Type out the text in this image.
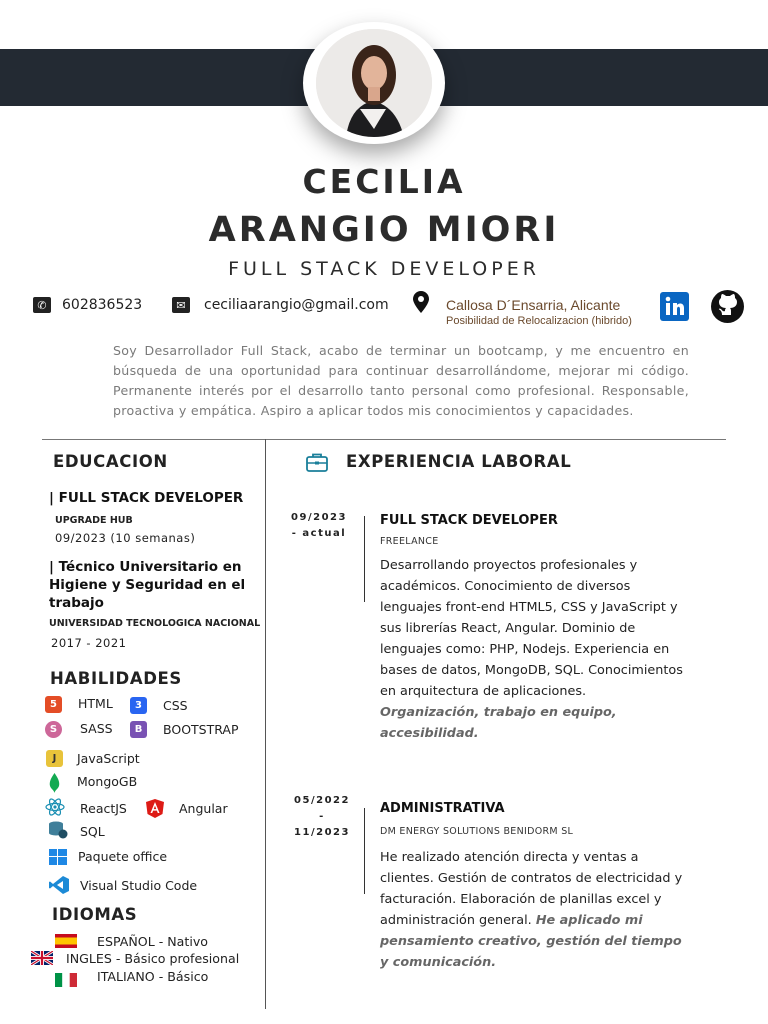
CECILIA
ARANGIO MIORI
FULL STACK DEVELOPER
✆	602836523	✉	ceciliaarangio@gmail.com	Callosa D´Ensarria, Alicante
Posibilidad de Relocalizacion (hibrido)
Soy Desarrollador Full Stack, acabo de terminar un bootcamp, y me encuentro en búsqueda de una oportunidad para continuar desarrollándome, mejorar mi código. Permanente interés por el desarrollo tanto personal como profesional. Responsable, proactiva y empática. Aspiro a aplicar todos mis conocimientos y capacidades.
EDUCACION
| FULL STACK DEVELOPER
UPGRADE HUB
09/2023 (10 semanas)
| Técnico Universitario en
Higiene y Seguridad en el
trabajo
UNIVERSIDAD TECNOLOGICA NACIONAL
2017 - 2021
HABILIDADES
5	HTML	3	CSS
S	SASS	B	BOOTSTRAP
J	JavaScript
MongoGB
ReactJS	Angular
SQL
Paquete office
Visual Studio Code
IDIOMAS
ESPAÑOL - Nativo
INGLES - Básico profesional
ITALIANO - Básico
EXPERIENCIA LABORAL
09/2023
- actual
FULL STACK DEVELOPER
FREELANCE
Desarrollando proyectos profesionales y académicos. Conocimiento de diversos lenguajes front-end HTML5, CSS y JavaScript y sus librerías React, Angular. Dominio de lenguajes como: PHP, Nodejs. Experiencia en bases de datos, MongoDB, SQL. Conocimientos en arquitectura de aplicaciones. Organización, trabajo en equipo, accesibilidad.
05/2022
-
11/2023
ADMINISTRATIVA
DM ENERGY SOLUTIONS BENIDORM SL
He realizado atención directa y ventas a clientes. Gestión de contratos de electricidad y facturación. Elaboración de planillas excel y administración general. He aplicado mi pensamiento creativo, gestión del tiempo y comunicación.
